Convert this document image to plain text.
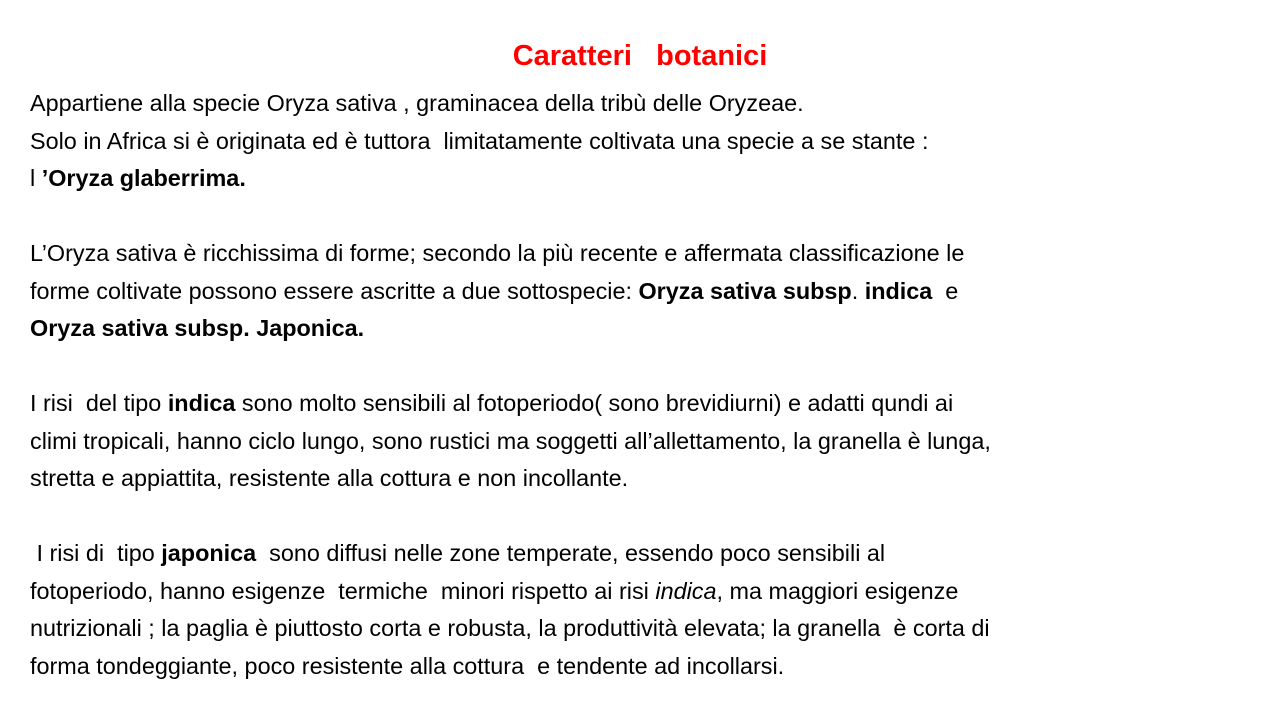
Caratteri   botanici
Appartiene alla specie Oryza sativa , graminacea della tribù delle Oryzeae.
Solo in Africa si è originata ed è tuttora  limitatamente coltivata una specie a se stante :
l ’Oryza glaberrima.
L’Oryza sativa è ricchissima di forme; secondo la più recente e affermata classificazione le
forme coltivate possono essere ascritte a due sottospecie: Oryza sativa subsp. indica  e
Oryza sativa subsp. Japonica.
I risi  del tipo indica sono molto sensibili al fotoperiodo( sono brevidiurni) e adatti qundi ai
climi tropicali, hanno ciclo lungo, sono rustici ma soggetti all’allettamento, la granella è lunga,
stretta e appiattita, resistente alla cottura e non incollante.
I risi di  tipo japonica  sono diffusi nelle zone temperate, essendo poco sensibili al
fotoperiodo, hanno esigenze  termiche  minori rispetto ai risi indica, ma maggiori esigenze
nutrizionali ; la paglia è piuttosto corta e robusta, la produttività elevata; la granella  è corta di
forma tondeggiante, poco resistente alla cottura  e tendente ad incollarsi.
